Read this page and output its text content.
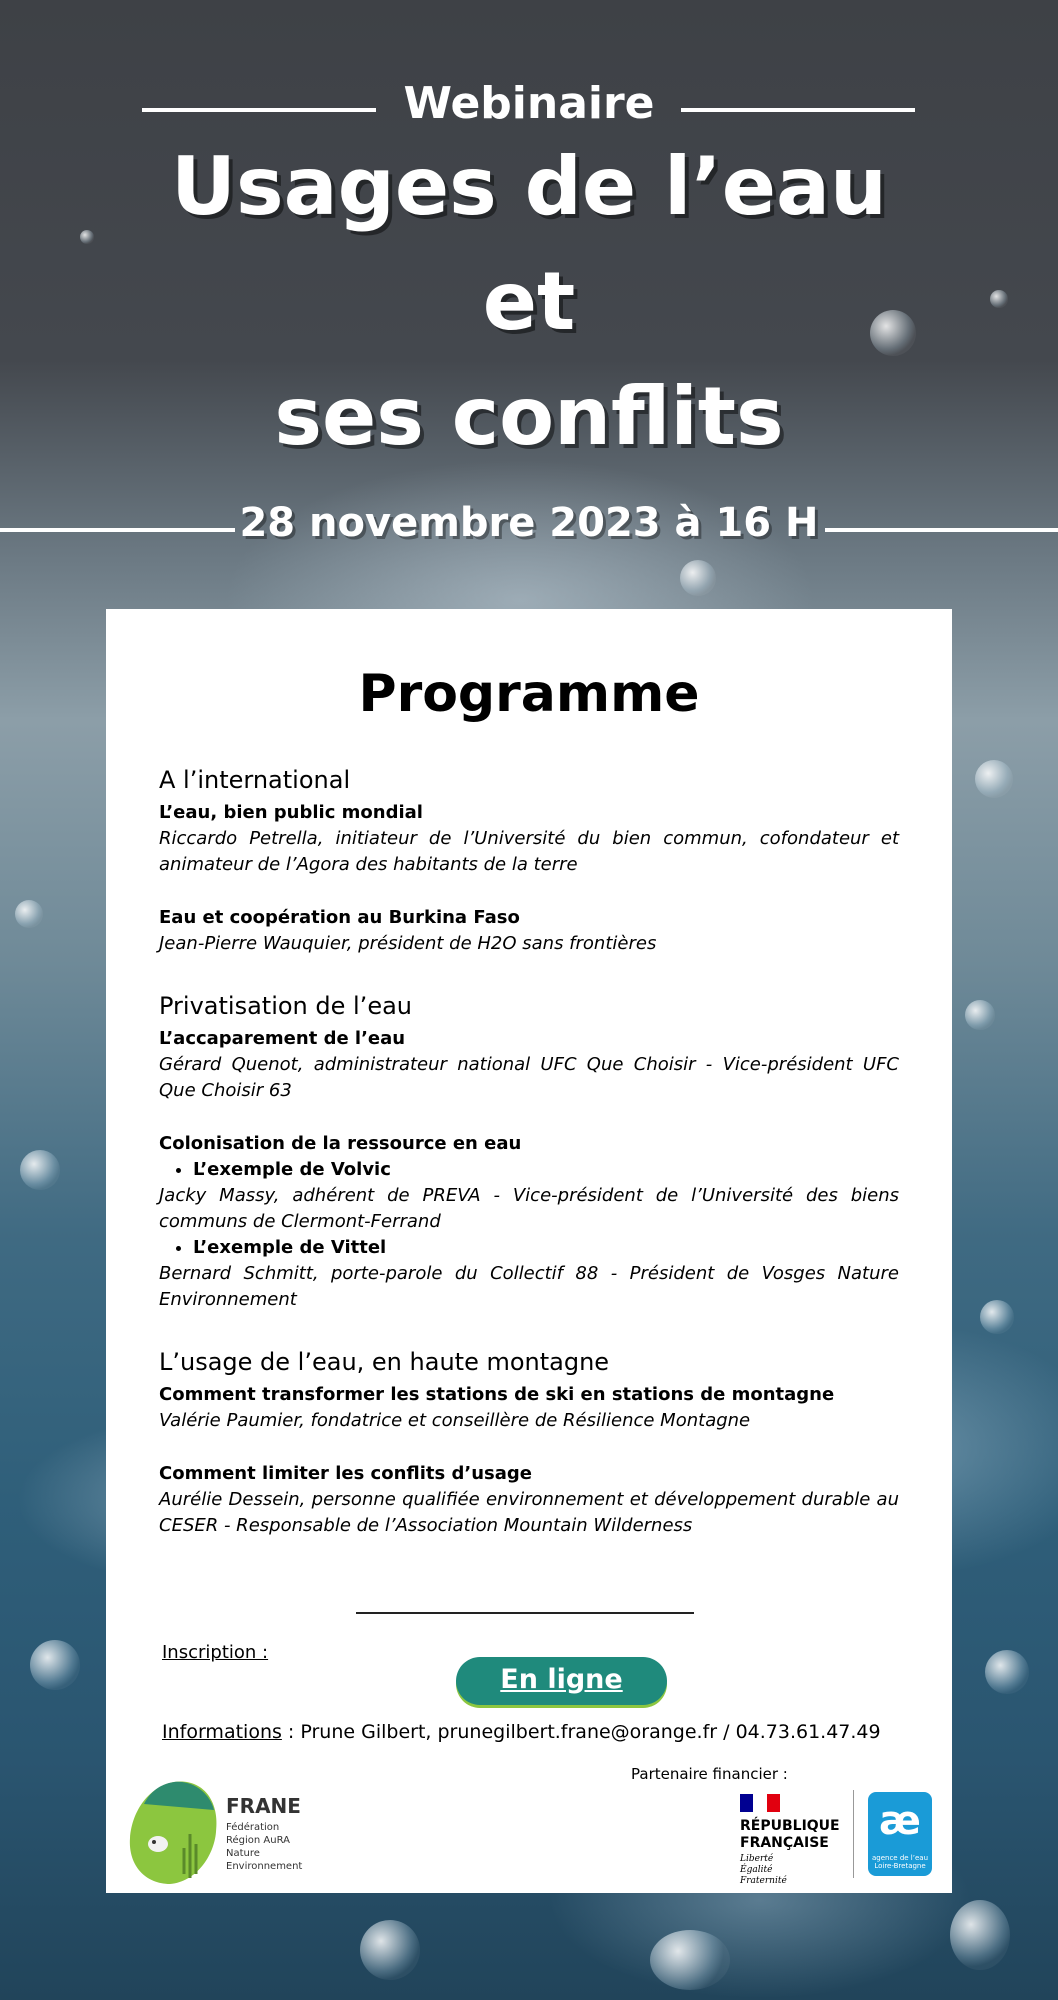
Webinaire
Usages de l’eau
et
ses conflits
28 novembre 2023 à 16 H
Programme
A l’international

L’eau, bien public mondial

Riccardo Petrella, initiateur de l’Université du bien commun, cofondateur et animateur de l’Agora des habitants de la terre

Eau et coopération au Burkina Faso

Jean-Pierre Wauquier, président de H2O sans frontières

Privatisation de l’eau

L’accaparement de l’eau

Gérard Quenot, administrateur national UFC Que Choisir - Vice-président UFC Que Choisir 63

Colonisation de la ressource en eau

• L’exemple de Volvic

Jacky Massy, adhérent de PREVA - Vice-président de l’Université des biens communs de Clermont-Ferrand

• L’exemple de Vittel

Bernard Schmitt, porte-parole du Collectif 88 - Président de Vosges Nature Environnement

L’usage de l’eau, en haute montagne

Comment transformer les stations de ski en stations de montagne

Valérie Paumier, fondatrice et conseillère de Résilience Montagne

Comment limiter les conflits d’usage

Aurélie Dessein, personne qualifiée environnement et développement durable au CESER - Responsable de l’Association Mountain Wilderness

Inscription :
En ligne
Informations : Prune Gilbert, prunegilbert.frane@orange.fr / 04.73.61.47.49
Partenaire financier :
FRANE
Fédération
Région AuRA
Nature
Environnement
RÉPUBLIQUE
FRANÇAISE
Liberté
Égalité
Fraternité
æ
agence de l’eau
Loire-Bretagne
